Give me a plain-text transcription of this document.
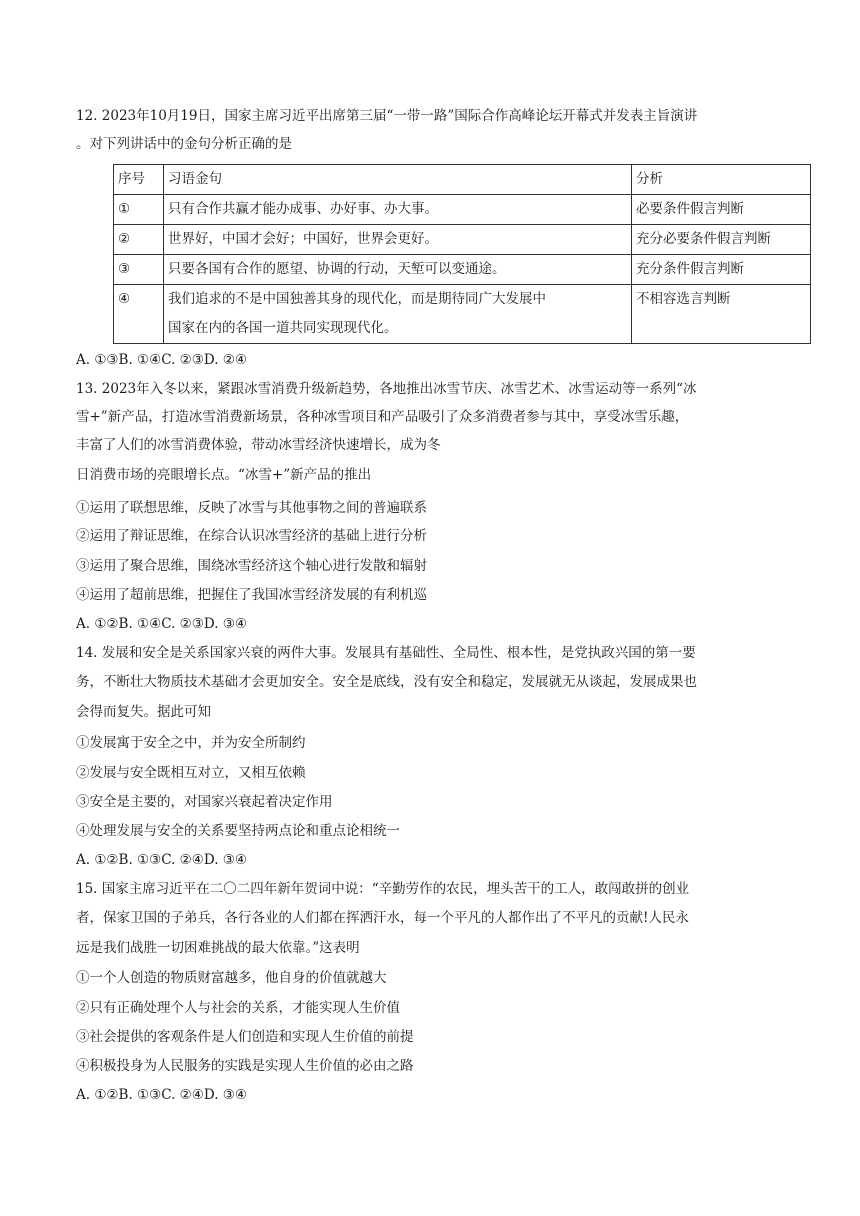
12. 2023年10月19日，国家主席习近平出席第三届“一带一路”国际合作高峰论坛开幕式并发表主旨演讲
。对下列讲话中的金句分析正确的是
序号	习语金句	分析
①	只有合作共赢才能办成事、办好事、办大事。	必要条件假言判断
②	世界好，中国才会好；中国好，世界会更好。	充分必要条件假言判断
③	只要各国有合作的愿望、协调的行动，天堑可以变通途。	充分条件假言判断
④	我们追求的不是中国独善其身的现代化，而是期待同广大发展中
国家在内的各国一道共同实现现代化。	不相容选言判断
A. ①③B. ①④C. ②③D. ②④
13. 2023年入冬以来，紧跟冰雪消费升级新趋势，各地推出冰雪节庆、冰雪艺术、冰雪运动等一系列“冰
雪+”新产品，打造冰雪消费新场景，各种冰雪项目和产品吸引了众多消费者参与其中，享受冰雪乐趣，
丰富了人们的冰雪消费体验，带动冰雪经济快速增长，成为冬
日消费市场的亮眼增长点。“冰雪+”新产品的推出
①运用了联想思维，反映了冰雪与其他事物之间的普遍联系
②运用了辩证思维，在综合认识冰雪经济的基础上进行分析
③运用了聚合思维，围绕冰雪经济这个轴心进行发散和辐射
④运用了超前思维，把握住了我国冰雪经济发展的有利机巡
A. ①②B. ①④C. ②③D. ③④
14. 发展和安全是关系国家兴衰的两件大事。发展具有基础性、全局性、根本性，是党执政兴国的第一要
务，不断壮大物质技术基础才会更加安全。安全是底线，没有安全和稳定，发展就无从谈起，发展成果也
会得而复失。据此可知
①发展寓于安全之中，并为安全所制约
②发展与安全既相互对立，又相互依赖
③安全是主要的，对国家兴衰起着决定作用
④处理发展与安全的关系要坚持两点论和重点论相统一
A. ①②B. ①③C. ②④D. ③④
15. 国家主席习近平在二〇二四年新年贺词中说：“辛勤劳作的农民，埋头苦干的工人，敢闯敢拼的创业
者，保家卫国的子弟兵，各行各业的人们都在挥洒汗水，每一个平凡的人都作出了不平凡的贡献!人民永
远是我们战胜一切困难挑战的最大依靠。”这表明
①一个人创造的物质财富越多，他自身的价值就越大
②只有正确处理个人与社会的关系，才能实现人生价值
③社会提供的客观条件是人们创造和实现人生价值的前提
④积极投身为人民服务的实践是实现人生价值的必由之路
A. ①②B. ①③C. ②④D. ③④
